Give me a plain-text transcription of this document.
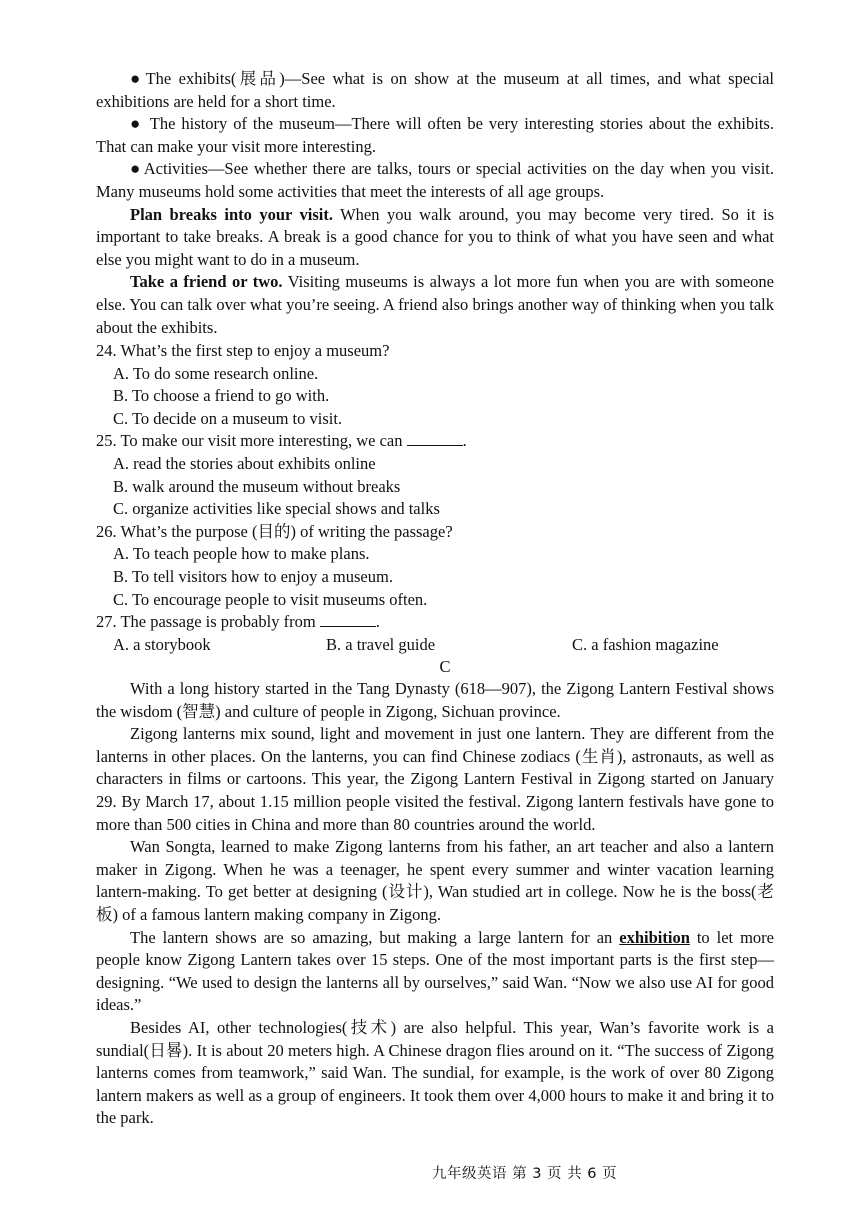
● The exhibits(展品)—See what is on show at the museum at all times, and what special exhibitions are held for a short time.

● The history of the museum—There will often be very interesting stories about the exhibits. That can make your visit more interesting.

● Activities—See whether there are talks, tours or special activities on the day when you visit. Many museums hold some activities that meet the interests of all age groups.

Plan breaks into your visit. When you walk around, you may become very tired. So it is important to take breaks. A break is a good chance for you to think of what you have seen and what else you might want to do in a museum.

Take a friend or two. Visiting museums is always a lot more fun when you are with someone else. You can talk over what you’re seeing. A friend also brings another way of thinking when you talk about the exhibits.

24. What’s the first step to enjoy a museum?

A. To do some research online.

B. To choose a friend to go with.

C. To decide on a museum to visit.

25. To make our visit more interesting, we can	.

A. read the stories about exhibits online

B. walk around the museum without breaks

C. organize activities like special shows and talks

26. What’s the purpose (目的) of writing the passage?

A. To teach people how to make plans.

B. To tell visitors how to enjoy a museum.

C. To encourage people to visit museums often.

27. The passage is probably from	.

A. a storybook	B. a travel guide	C. a fashion magazine

C

With a long history started in the Tang Dynasty (618—907), the Zigong Lantern Festival shows the wisdom (智慧) and culture of people in Zigong, Sichuan province.

Zigong lanterns mix sound, light and movement in just one lantern. They are different from the lanterns in other places. On the lanterns, you can find Chinese zodiacs (生肖), astronauts, as well as characters in films or cartoons. This year, the Zigong Lantern Festival in Zigong started on January 29. By March 17, about 1.15 million people visited the festival. Zigong lantern festivals have gone to more than 500 cities in China and more than 80 countries around the world.

Wan Songta, learned to make Zigong lanterns from his father, an art teacher and also a lantern maker in Zigong. When he was a teenager, he spent every summer and winter vacation learning lantern-making. To get better at designing (设计), Wan studied art in college. Now he is the boss(老板) of a famous lantern making company in Zigong.

The lantern shows are so amazing, but making a large lantern for an exhibition to let more people know Zigong Lantern takes over 15 steps. One of the most important parts is the first step—designing. “We used to design the lanterns all by ourselves,” said Wan. “Now we also use AI for good ideas.”

Besides AI, other technologies(技术) are also helpful. This year, Wan’s favorite work is a sundial(日晷). It is about 20 meters high. A Chinese dragon flies around on it. “The success of Zigong lanterns comes from teamwork,” said Wan. The sundial, for example, is the work of over 80 Zigong lantern makers as well as a group of engineers. It took them over 4,000 hours to make it and bring it to the park.

九年级英语 第 3 页 共 6 页
